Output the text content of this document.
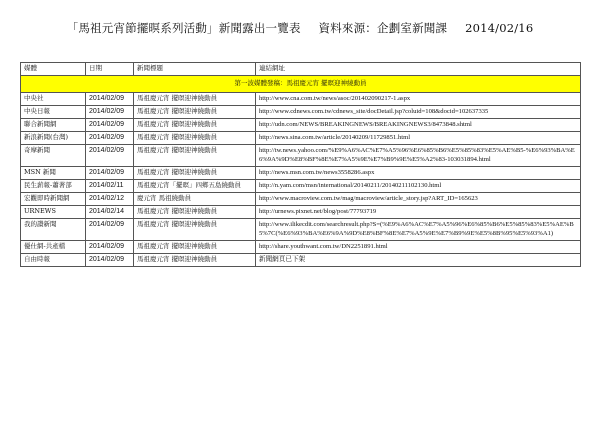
「馬祖元宵節擺暝系列活動」新聞露出一覽表 資料來源：企劃室新聞課 2014/02/16
媒體	日期	新聞標題	連結網址
第一波媒體發稿：馬祖慶元宵 擺暝迎神繞動員			
中央社	2014/02/09	馬祖慶元宵 擺暝迎神繞動員	http://www.cna.com.tw/news/asoc/201402090217-1.aspx
中央日報	2014/02/09	馬祖慶元宵 擺暝迎神繞動員	http://www.cdnews.com.tw/cdnews_site/docDetail.jsp?coluid=108&docid=102637335
聯合新聞網	2014/02/09	馬祖慶元宵 擺暝迎神繞動員	http://udn.com/NEWS/BREAKINGNEWS/BREAKINGNEWS3/8473848.shtml
新浪新聞(台灣)	2014/02/09	馬祖慶元宵 擺暝迎神繞動員	http://news.sina.com.tw/article/20140209/11729851.html
奇摩新聞	2014/02/09	馬祖慶元宵 擺暝迎神繞動員	http://tw.news.yahoo.com/%E9%A6%AC%E7%A5%96%E6%85%B6%E5%85%83%E5%AE%B5-%E6%93%BA%E6%9A%9D%E8%BF%8E%E7%A5%9E%E7%B9%9E%E5%A2%83-103031894.html
MSN 新聞	2014/02/09	馬祖慶元宵 擺暝迎神繞動員	http://news.msn.com.tw/news3558286.aspx
民生薪報-蕭著部	2014/02/11	馬祖慶元宵「擺暝」四鄉五島繞動員	http://n.yam.com/msn/international/20140211/20140211102130.html
宏觀即時新聞網	2014/02/12	慶元宵 馬祖繞動員	http://www.macroview.com.tw/mag/macroview/article_story.jsp?ART_ID=165623
URNEWS	2014/02/14	馬祖慶元宵 擺暝迎神繞動員	http://urnews.pixnet.net/blog/post/77793719
我的讚新聞	2014/02/09	馬祖慶元宵 擺暝迎神繞動員	http://www.ilikecdit.com/searchresult.php?S=(%E9%A6%AC%E7%A5%96%E6%85%B6%E5%85%83%E5%AE%B5%7C(%E6%93%BA%E6%9A%9D%E8%BF%8E%E7%A5%9E%E7%B9%9E%E5%8B%95%E5%93%A1)
優仕網-共產檔	2014/02/09	馬祖慶元宵 擺暝迎神繞動員	http://share.youthwant.com.tw/DN2251891.html
自由時報	2014/02/09	馬祖慶元宵 擺暝迎神繞動員	新聞網頁已下架
